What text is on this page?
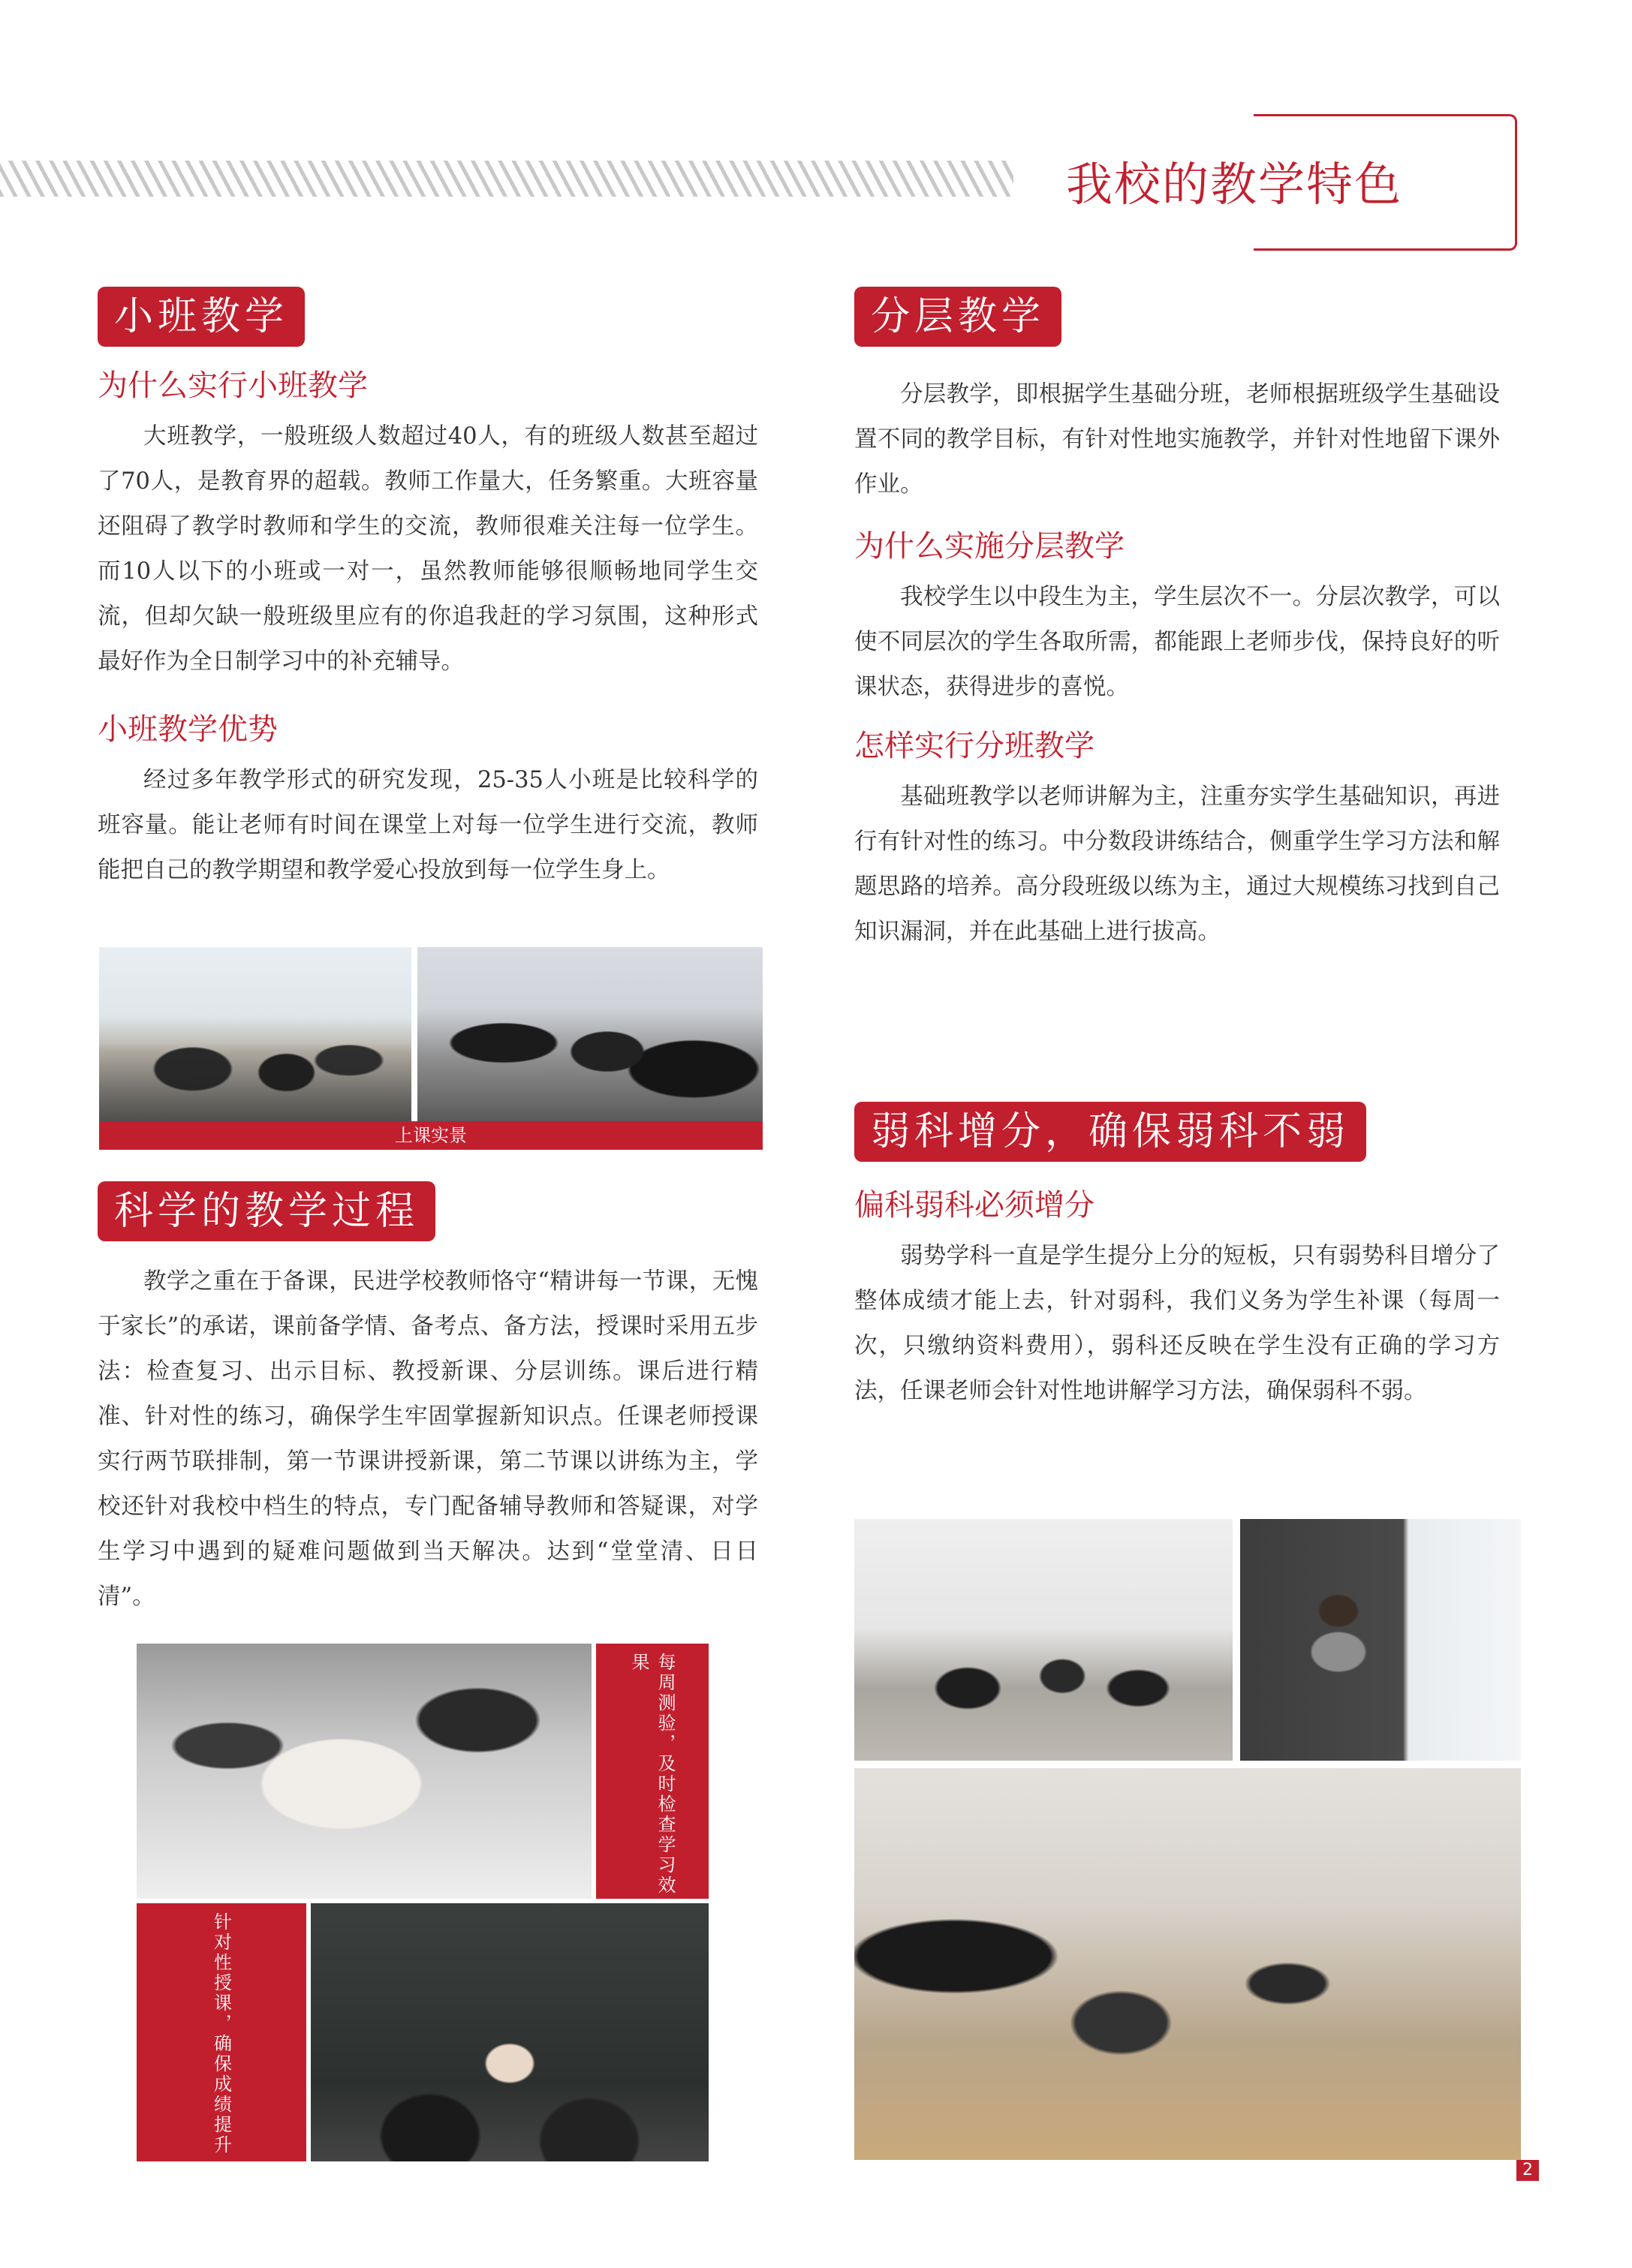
我校的教学特色
小班教学
为什么实行小班教学
大班教学，一般班级人数超过40人，有的班级人数甚至超过了70人，是教育界的超载。教师工作量大，任务繁重。大班容量还阻碍了教学时教师和学生的交流，教师很难关注每一位学生。而10人以下的小班或一对一，虽然教师能够很顺畅地同学生交流，但却欠缺一般班级里应有的你追我赶的学习氛围，这种形式最好作为全日制学习中的补充辅导。
小班教学优势
经过多年教学形式的研究发现，25-35人小班是比较科学的班容量。能让老师有时间在课堂上对每一位学生进行交流，教师能把自己的教学期望和教学爱心投放到每一位学生身上。
上课实景
科学的教学过程
教学之重在于备课，民进学校教师恪守“精讲每一节课，无愧于家长”的承诺，课前备学情、备考点、备方法，授课时采用五步法：检查复习、出示目标、教授新课、分层训练。课后进行精准、针对性的练习，确保学生牢固掌握新知识点。任课老师授课实行两节联排制，第一节课讲授新课，第二节课以讲练为主，学校还针对我校中档生的特点，专门配备辅导教师和答疑课，对学生学习中遇到的疑难问题做到当天解决。达到“堂堂清、日日清”。
每周测验，及时检查学习效果
针对性授课，确保成绩提升
分层教学
分层教学，即根据学生基础分班，老师根据班级学生基础设置不同的教学目标，有针对性地实施教学，并针对性地留下课外作业。
为什么实施分层教学
我校学生以中段生为主，学生层次不一。分层次教学，可以使不同层次的学生各取所需，都能跟上老师步伐，保持良好的听课状态，获得进步的喜悦。
怎样实行分班教学
基础班教学以老师讲解为主，注重夯实学生基础知识，再进行有针对性的练习。中分数段讲练结合，侧重学生学习方法和解题思路的培养。高分段班级以练为主，通过大规模练习找到自己知识漏洞，并在此基础上进行拔高。
弱科增分，确保弱科不弱
偏科弱科必须增分
弱势学科一直是学生提分上分的短板，只有弱势科目增分了整体成绩才能上去，针对弱科，我们义务为学生补课（每周一次，只缴纳资料费用），弱科还反映在学生没有正确的学习方法，任课老师会针对性地讲解学习方法，确保弱科不弱。
2
